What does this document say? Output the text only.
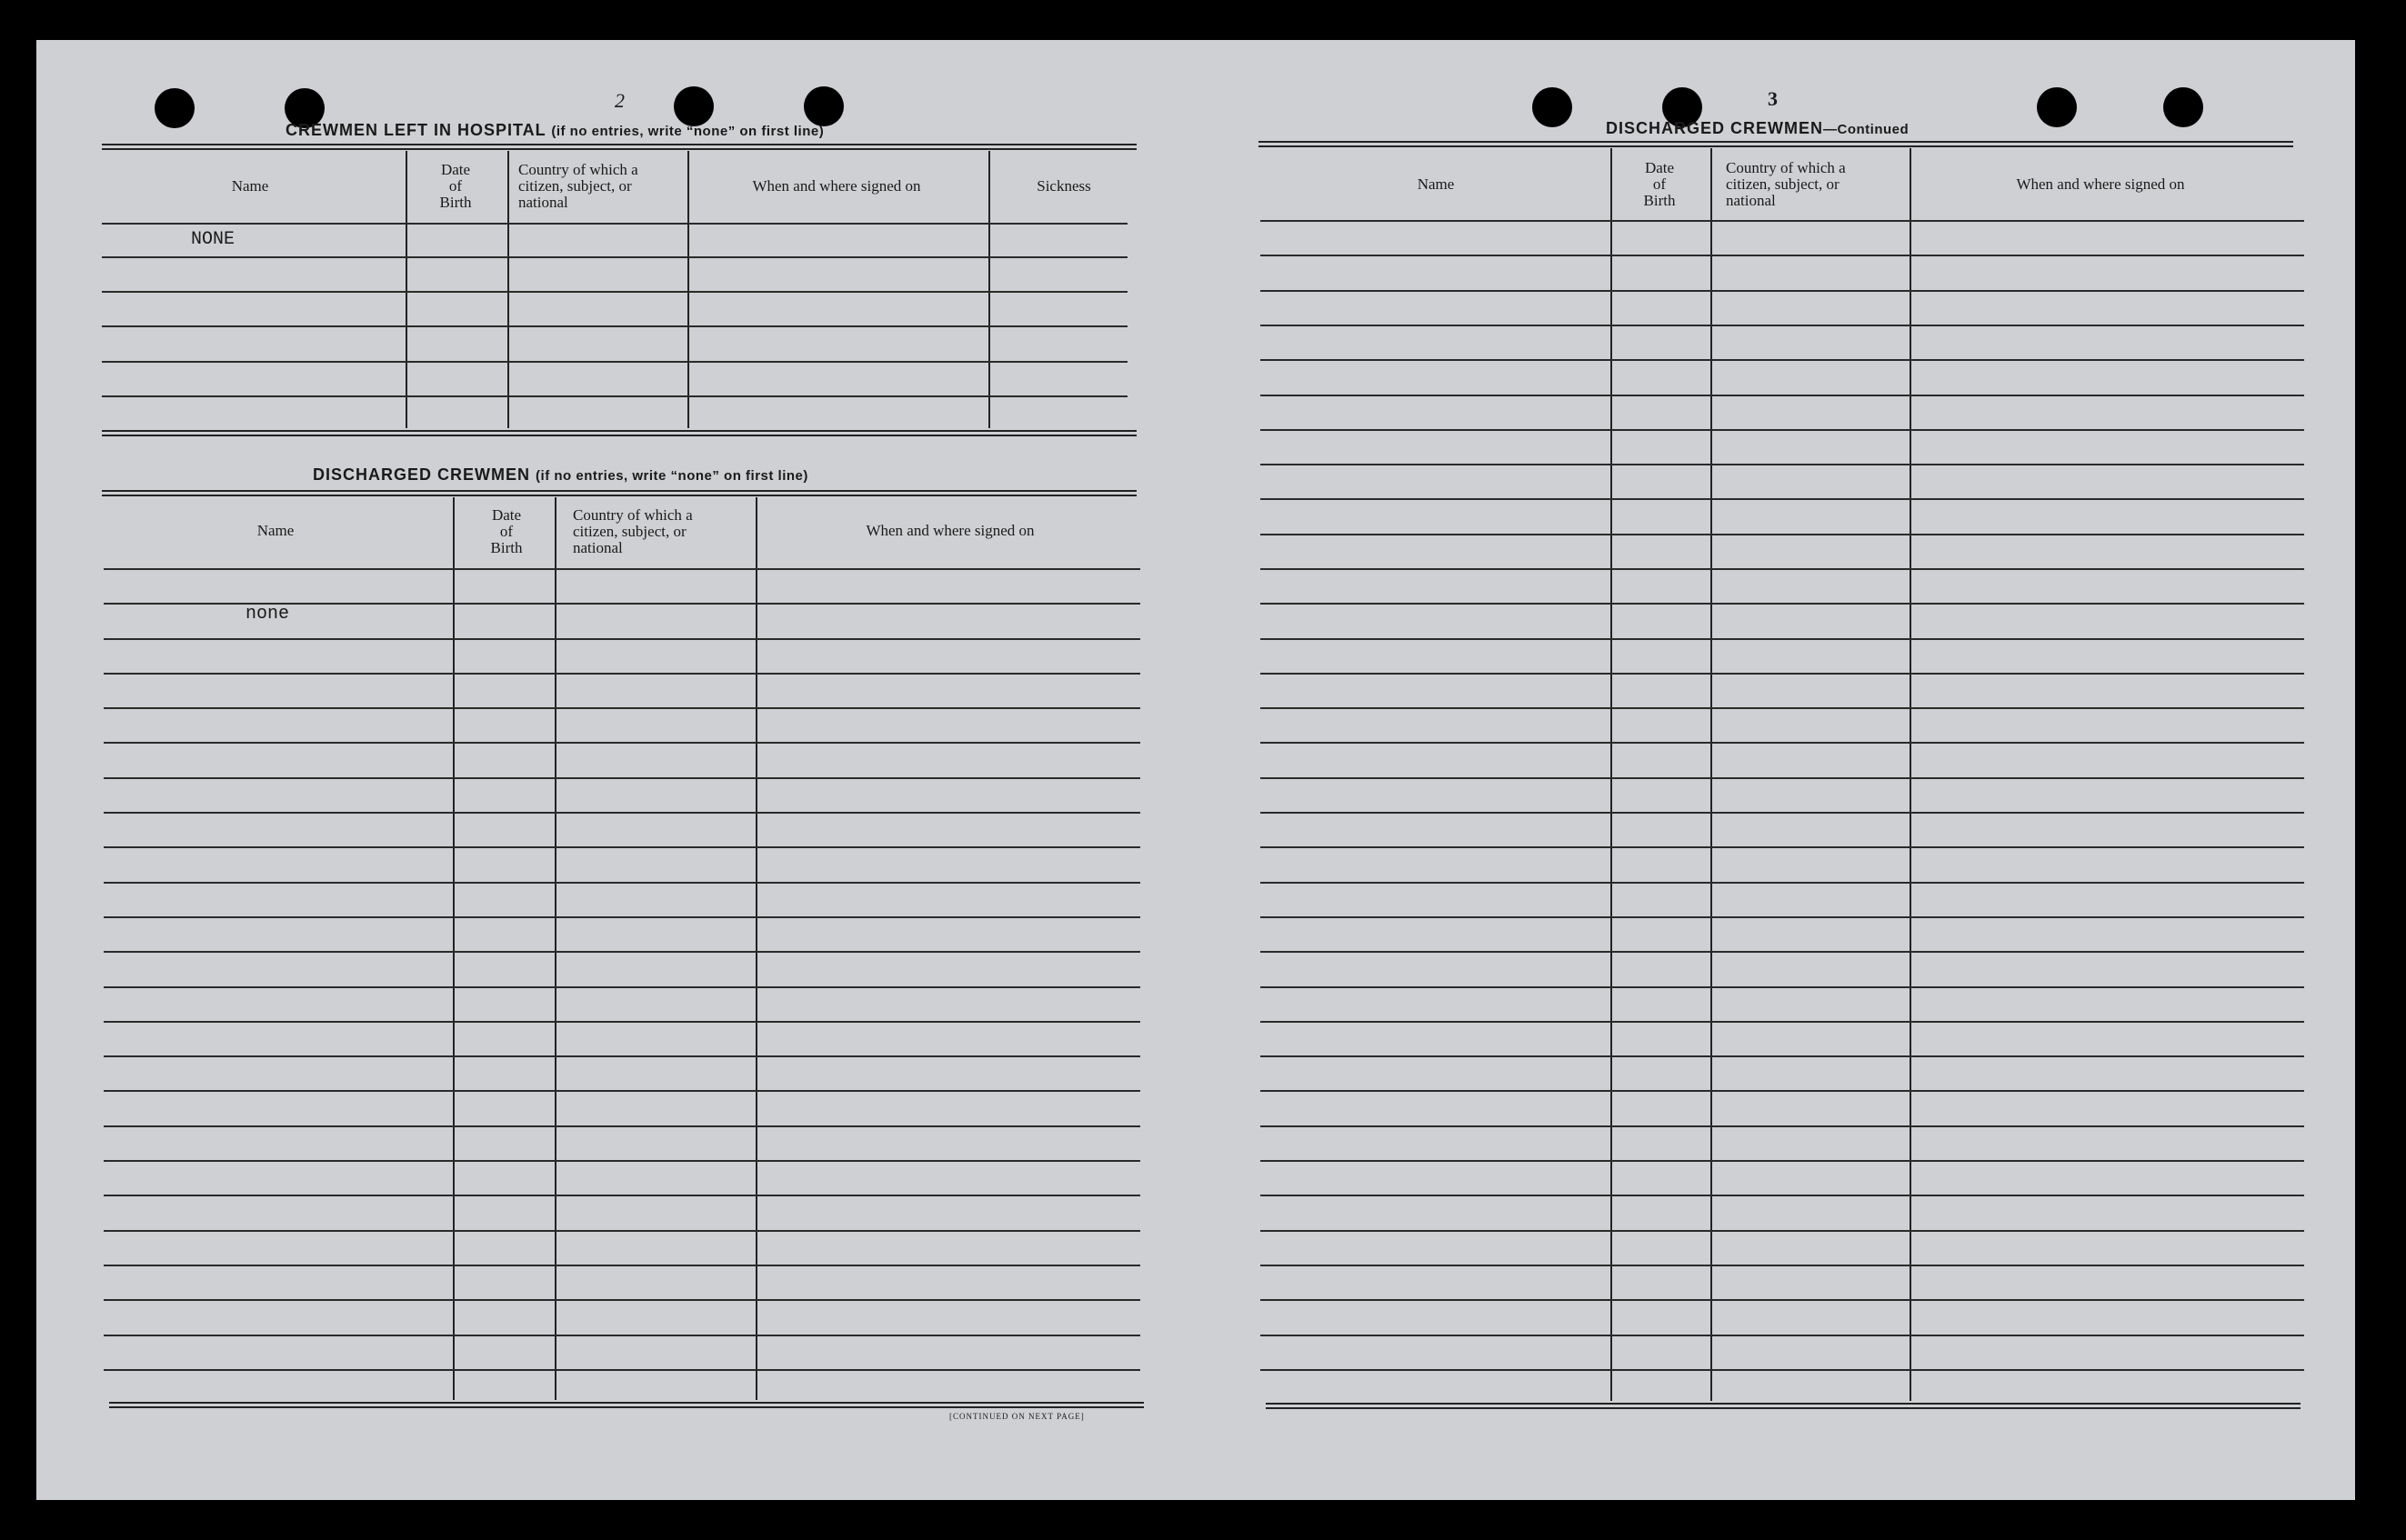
2
CREWMEN LEFT IN HOSPITAL (if no entries, write “none” on first line)
Name
Date
of
Birth
Country of which a
citizen, subject, or
national
When and where signed on	Sickness
NONE
DISCHARGED CREWMEN (if no entries, write “none” on first line)
Name
Date
of
Birth
Country of which a
citizen, subject, or
national
When and where signed on
none
[CONTINUED ON NEXT PAGE]
3
DISCHARGED CREWMEN—Continued
Name
Date
of
Birth
Country of which a
citizen, subject, or
national
When and where signed on
